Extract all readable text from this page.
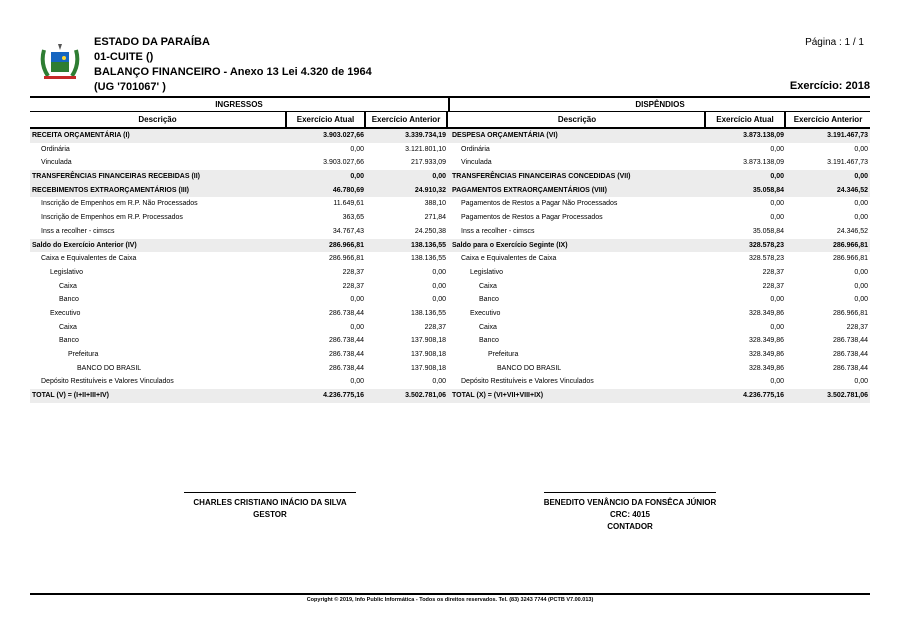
ESTADO DA PARAÍBA
01-CUITE ()
BALANÇO FINANCEIRO - Anexo 13 Lei 4.320 de 1964
(UG '701067' )
Página : 1 / 1
Exercício: 2018
INGRESSOS
Descrição	Exercício Atual	Exercício Anterior
RECEITA ORÇAMENTÁRIA (I)	3.903.027,66	3.339.734,19
Ordinária	0,00	3.121.801,10
Vinculada	3.903.027,66	217.933,09
TRANSFERÊNCIAS FINANCEIRAS RECEBIDAS (II)	0,00	0,00
RECEBIMENTOS EXTRAORÇAMENTÁRIOS (III)	46.780,69	24.910,32
Inscrição de Empenhos em R.P. Não Processados	11.649,61	388,10
Inscrição de Empenhos em R.P. Processados	363,65	271,84
Inss a recolher - cimscs	34.767,43	24.250,38
Saldo do Exercício Anterior (IV)	286.966,81	138.136,55
Caixa e Equivalentes de Caixa	286.966,81	138.136,55
Legislativo	228,37	0,00
Caixa	228,37	0,00
Banco	0,00	0,00
Executivo	286.738,44	138.136,55
Caixa	0,00	228,37
Banco	286.738,44	137.908,18
Prefeitura	286.738,44	137.908,18
BANCO DO BRASIL	286.738,44	137.908,18
Depósito Restituíveis e Valores Vinculados	0,00	0,00
TOTAL (V) = (I+II+III+IV)	4.236.775,16	3.502.781,06
DISPÊNDIOS
Descrição	Exercício Atual	Exercício Anterior
DESPESA ORÇAMENTÁRIA (VI)	3.873.138,09	3.191.467,73
Ordinária	0,00	0,00
Vinculada	3.873.138,09	3.191.467,73
TRANSFERÊNCIAS FINANCEIRAS CONCEDIDAS (VII)	0,00	0,00
PAGAMENTOS EXTRAORÇAMENTÁRIOS (VIII)	35.058,84	24.346,52
Pagamentos de Restos a Pagar Não Processados	0,00	0,00
Pagamentos de Restos a Pagar Processados	0,00	0,00
Inss a recolher - cimscs	35.058,84	24.346,52
Saldo para o Exercício Seginte (IX)	328.578,23	286.966,81
Caixa e Equivalentes de Caixa	328.578,23	286.966,81
Legislativo	228,37	0,00
Caixa	228,37	0,00
Banco	0,00	0,00
Executivo	328.349,86	286.966,81
Caixa	0,00	228,37
Banco	328.349,86	286.738,44
Prefeitura	328.349,86	286.738,44
BANCO DO BRASIL	328.349,86	286.738,44
Depósito Restituíveis e Valores Vinculados	0,00	0,00
TOTAL (X) = (VI+VII+VIII+IX)	4.236.775,16	3.502.781,06
CHARLES CRISTIANO INÁCIO DA SILVA
GESTOR
BENEDITO VENÂNCIO DA FONSÊCA JÚNIOR
CRC: 4015
CONTADOR
Copyright © 2019, Info Public Informática - Todos os direitos reservados. Tel. (83) 3243 7744 (PCTB V7.00.013)
